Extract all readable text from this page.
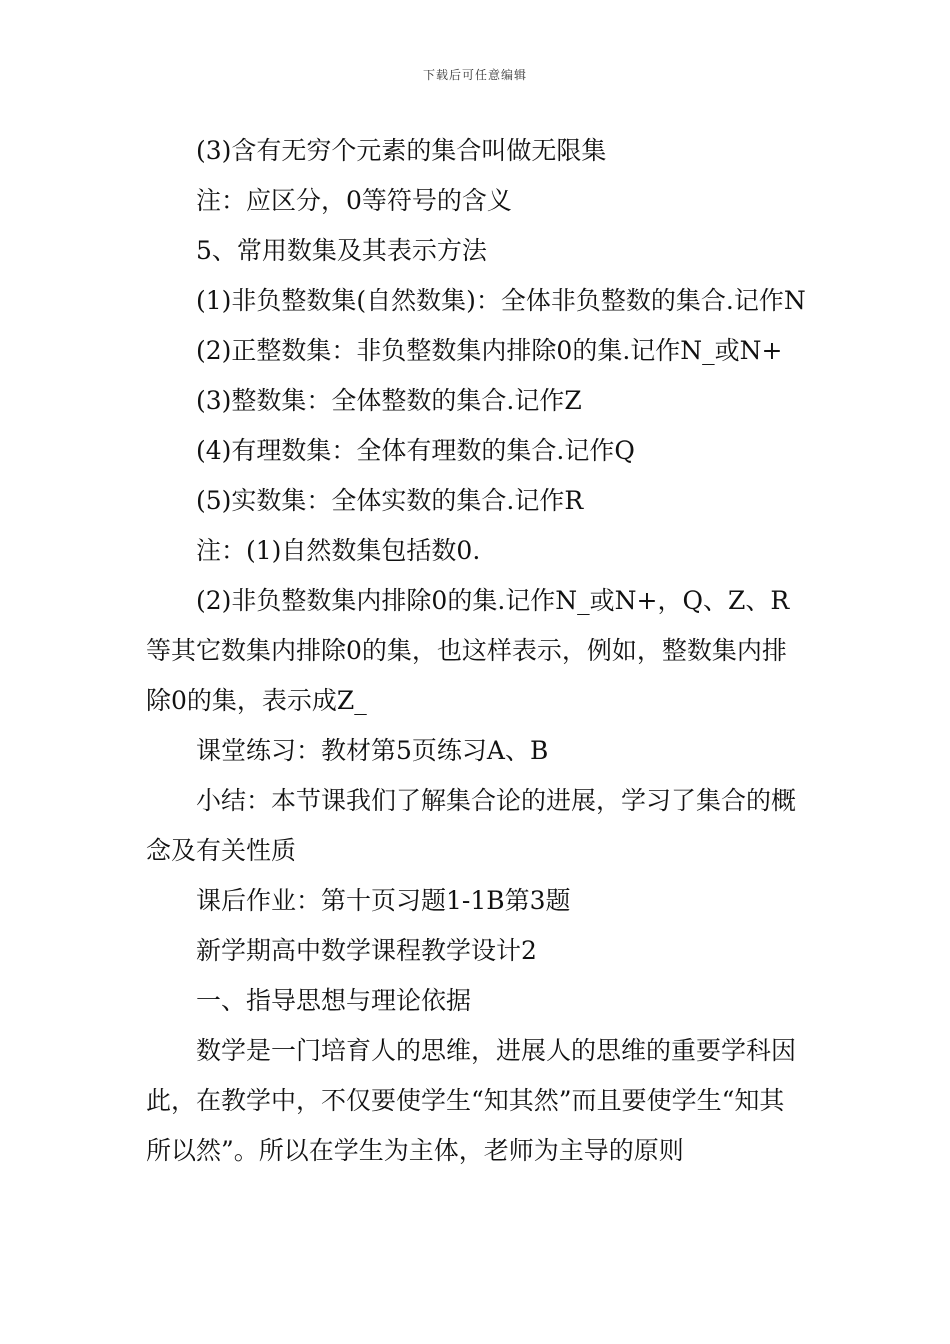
下载后可任意编辑

(3)含有无穷个元素的集合叫做无限集

注：应区分，0等符号的含义

5、常用数集及其表示方法

(1)非负整数集(自然数集)：全体非负整数的集合.记作N

(2)正整数集：非负整数集内排除0的集.记作N_或N+

(3)整数集：全体整数的集合.记作Z

(4)有理数集：全体有理数的集合.记作Q

(5)实数集：全体实数的集合.记作R

注：(1)自然数集包括数0.

(2)非负整数集内排除0的集.记作N_或N+，Q、Z、R等其它数集内排除0的集，也这样表示，例如，整数集内排除0的集，表示成Z_

课堂练习：教材第5页练习A、B

小结：本节课我们了解集合论的进展，学习了集合的概念及有关性质

课后作业：第十页习题1-1B第3题

新学期高中数学课程教学设计2

一、指导思想与理论依据

数学是一门培育人的思维，进展人的思维的重要学科因此，在教学中，不仅要使学生“知其然”而且要使学生“知其所以然”。所以在学生为主体，老师为主导的原则
